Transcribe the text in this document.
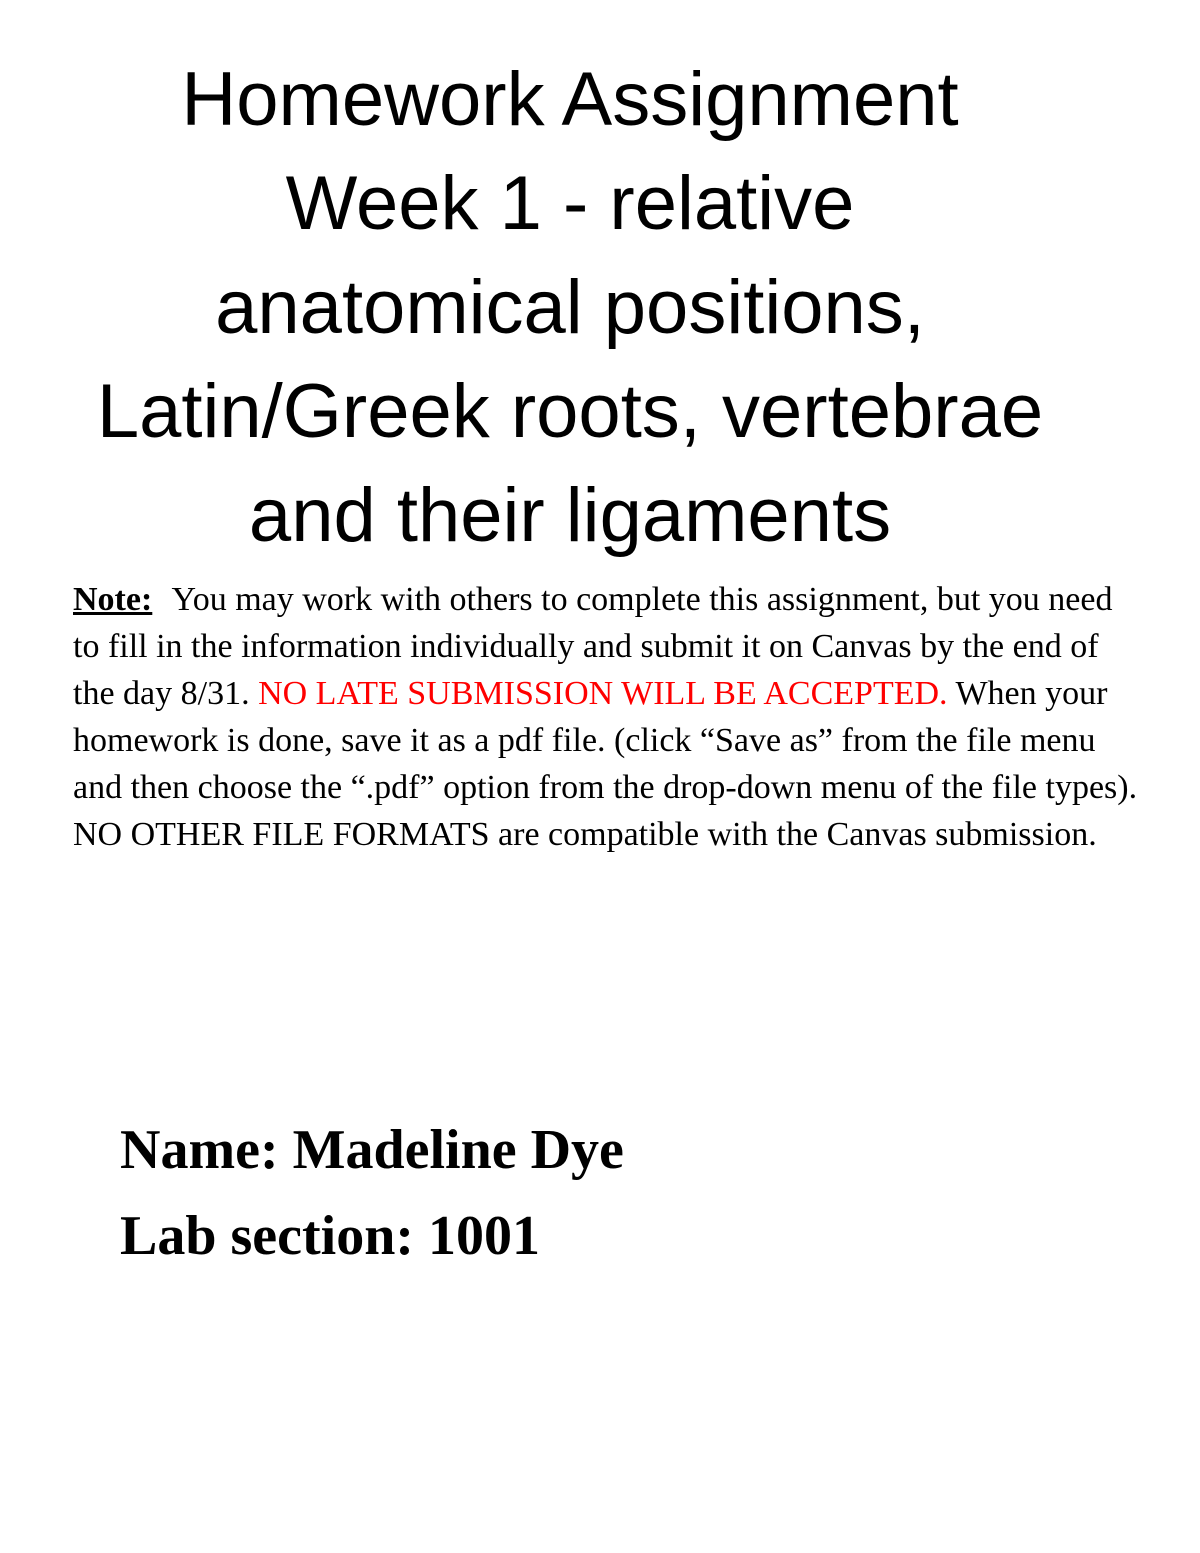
Homework Assignment
Week 1 - relative
anatomical positions,
Latin/Greek roots, vertebrae
and their ligaments
Note: You may work with others to complete this assignment, but you need to fill in the information individually and submit it on Canvas by the end of the day 8/31. NO LATE SUBMISSION WILL BE ACCEPTED. When your homework is done, save it as a pdf file. (click “Save as” from the file menu and then choose the “.pdf” option from the drop-down menu of the file types). NO OTHER FILE FORMATS are compatible with the Canvas submission.
Name: Madeline Dye
Lab section: 1001
